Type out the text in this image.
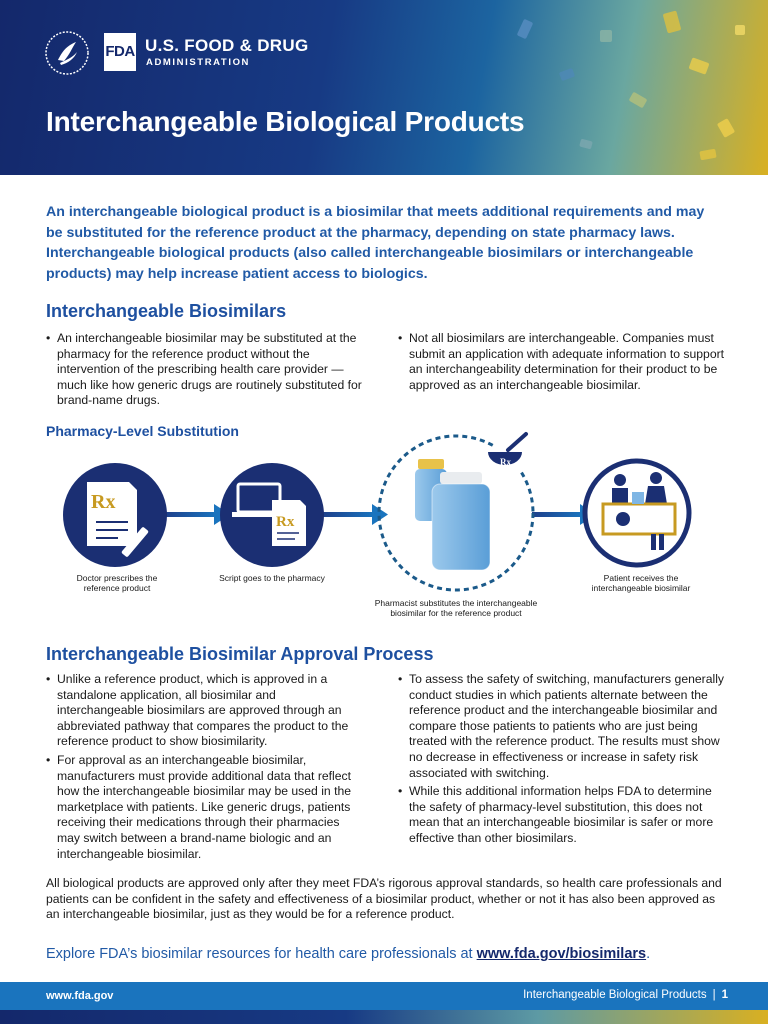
FDA U.S. FOOD & DRUG
ADMINISTRATION
Interchangeable Biological Products

An interchangeable biological product is a biosimilar that meets additional requirements and may be substituted for the reference product at the pharmacy, depending on state pharmacy laws. Interchangeable biological products (also called interchangeable biosimilars or interchangeable products) may help increase patient access to biologics.

Interchangeable Biosimilars
• An interchangeable biosimilar may be substituted at the pharmacy for the reference product without the intervention of the prescribing health care provider — much like how generic drugs are routinely substituted for brand-name drugs.
• Not all biosimilars are interchangeable. Companies must submit an application with adequate information to support an interchangeability determination for their product to be approved as an interchangeable biosimilar.
Pharmacy-Level Substitution
Rx
Rx
Rx
Doctor prescribes the reference product
Script goes to the pharmacy
Pharmacist substitutes the interchangeable biosimilar for the reference product
Patient receives the interchangeable biosimilar
Interchangeable Biosimilar Approval Process
• Unlike a reference product, which is approved in a standalone application, all biosimilar and interchangeable biosimilars are approved through an abbreviated pathway that compares the product to the reference product to show biosimilarity.
• For approval as an interchangeable biosimilar, manufacturers must provide additional data that reflect how the interchangeable biosimilar may be used in the marketplace with patients. Like generic drugs, patients receiving their medications through their pharmacies may switch between a brand-name biologic and an interchangeable biosimilar.
• To assess the safety of switching, manufacturers generally conduct studies in which patients alternate between the reference product and the interchangeable biosimilar and compare those patients to patients who are just being treated with the reference product. The results must show no decrease in effectiveness or increase in safety risk associated with switching.
• While this additional information helps FDA to determine the safety of pharmacy-level substitution, this does not mean that an interchangeable biosimilar is safer or more effective than other biosimilars.

All biological products are approved only after they meet FDA’s rigorous approval standards, so health care professionals and patients can be confident in the safety and effectiveness of a biosimilar product, whether or not it has also been approved as an interchangeable biosimilar, just as they would be for a reference product.

Explore FDA’s biosimilar resources for health care professionals at www.fda.gov/biosimilars.

www.fda.gov	Interchangeable Biological Products | 1
